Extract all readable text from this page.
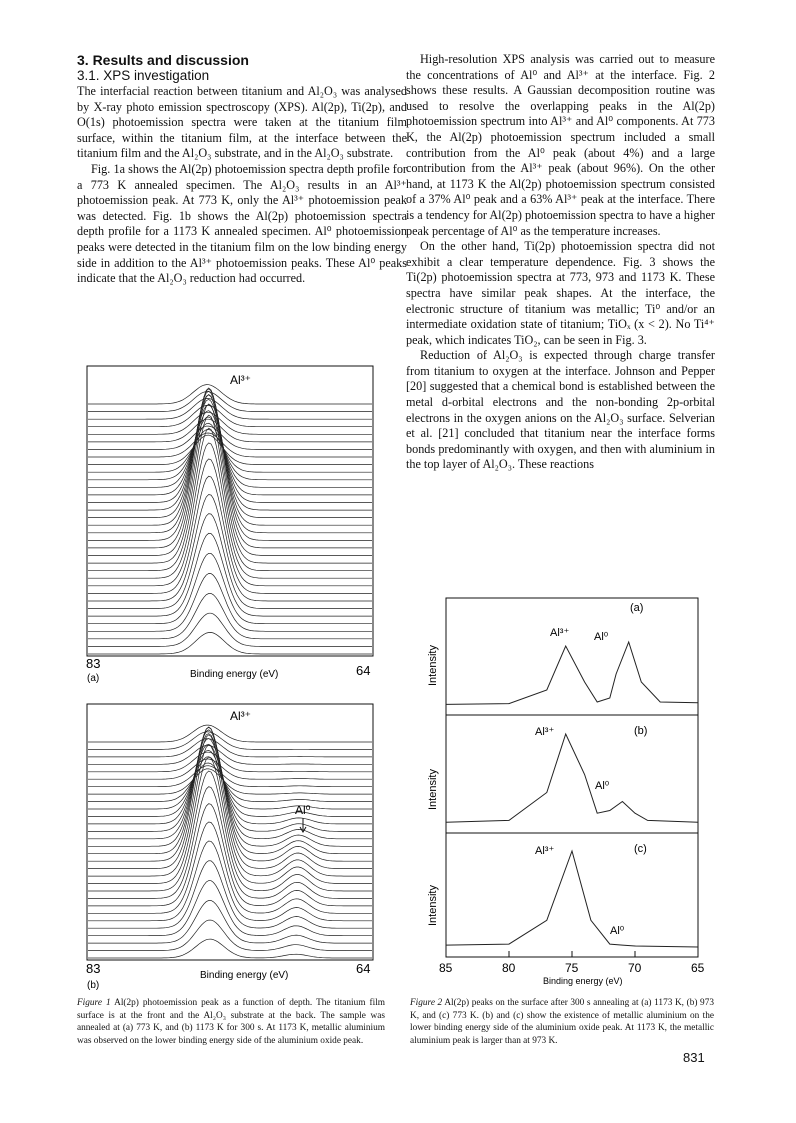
3. Results and discussion
3.1. XPS investigation

The interfacial reaction between titanium and Al₂O₃ was analysed by X-ray photo emission spectroscopy (XPS). Al(2p), Ti(2p), and O(1s) photoemission spectra were taken at the titanium film surface, within the titanium film, at the interface between the titanium film and the Al₂O₃ substrate, and in the Al₂O₃ substrate.

Fig. 1a shows the Al(2p) photoemission spectra depth profile for a 773 K annealed specimen. The Al₂O₃ results in an Al³⁺ photoemission peak. At 773 K, only the Al³⁺ photoemission peak was detected. Fig. 1b shows the Al(2p) photoemission spectra depth profile for a 1173 K annealed specimen. Al⁰ photoemission peaks were detected in the titanium film on the low binding energy side in addition to the Al³⁺ photoemission peaks. These Al⁰ peaks indicate that the Al₂O₃ reduction had occurred.

High-resolution XPS analysis was carried out to measure the concentrations of Al⁰ and Al³⁺ at the interface. Fig. 2 shows these results. A Gaussian decomposition routine was used to resolve the overlapping peaks in the Al(2p) photoemission spectrum into Al³⁺ and Al⁰ components. At 773 K, the Al(2p) photoemission spectrum included a small contribution from the Al⁰ peak (about 4%) and a large contribution from the Al³⁺ peak (about 96%). On the other hand, at 1173 K the Al(2p) photoemission spectrum consisted of a 37% Al⁰ peak and a 63% Al³⁺ peak at the interface. There is a tendency for Al(2p) photoemission spectra to have a higher peak percentage of Al⁰ as the temperature increases.

On the other hand, Ti(2p) photoemission spectra did not exhibit a clear temperature dependence. Fig. 3 shows the Ti(2p) photoemission spectra at 773, 973 and 1173 K. These spectra have similar peak shapes. At the interface, the electronic structure of titanium was metallic; Ti⁰ and/or an intermediate oxidation state of titanium; TiOₓ (x < 2). No Ti⁴⁺ peak, which indicates TiO₂, can be seen in Fig. 3.

Reduction of Al₂O₃ is expected through charge transfer from titanium to oxygen at the interface. Johnson and Pepper [20] suggested that a chemical bond is established between the metal d-orbital electrons and the non-bonding 2p-orbital electrons in the oxygen anions on the Al₂O₃ surface. Selverian et al. [21] concluded that titanium near the interface forms bonds predominantly with oxygen, and then with aluminium in the top layer of Al₂O₃. These reactions

Al³⁺
83	64
Binding energy (eV)
(a)
Al³⁺
Al⁰
83	64
Binding energy (eV)
(b)
Figure 1 Al(2p) photoemission peak as a function of depth. The titanium film surface is at the front and the Al₂O₃ substrate at the back. The sample was annealed at (a) 773 K, and (b) 1173 K for 300 s. At 1173 K, metallic aluminium was observed on the lower binding energy side of the aluminium oxide peak.
(a)
Al³⁺ Al⁰
Intensity
(b)
Al³⁺
Al⁰
Intensity
(c)
Al³⁺
Al⁰
Intensity
85	80	75	70	65
Binding energy (eV)
Figure 2 Al(2p) peaks on the surface after 300 s annealing at (a) 1173 K, (b) 973 K, and (c) 773 K. (b) and (c) show the existence of metallic aluminium on the lower binding energy side of the aluminium oxide peak. At 1173 K, the metallic aluminium peak is larger than at 973 K.
831
